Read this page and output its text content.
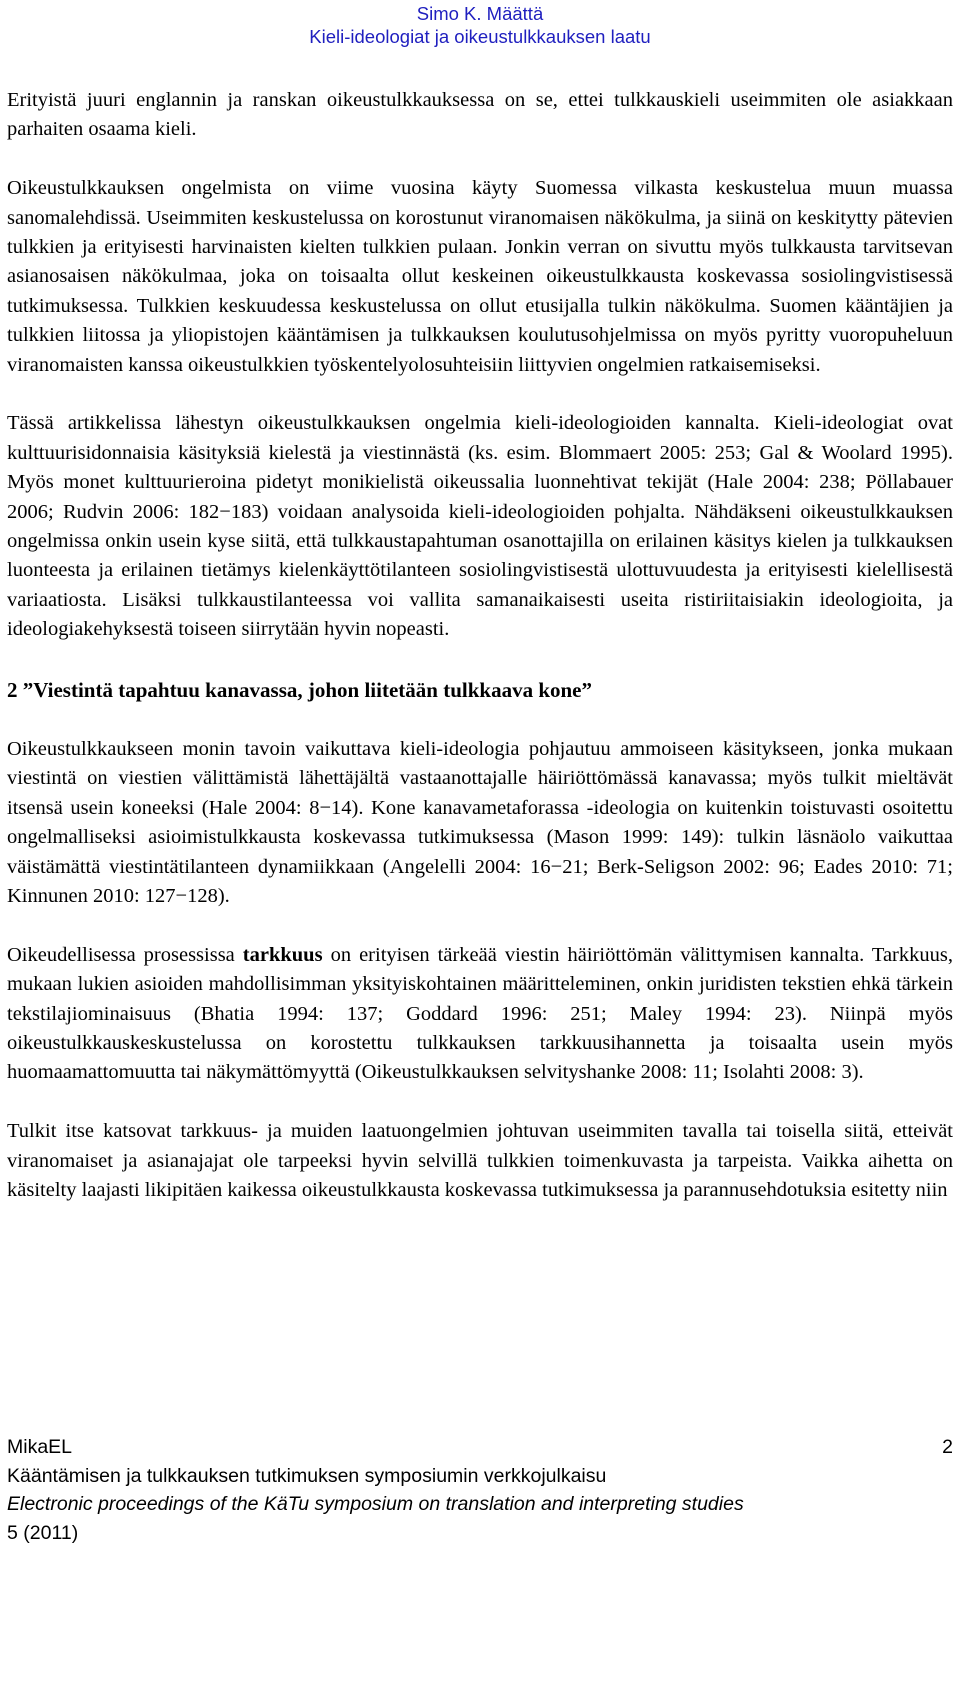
Simo K. Määttä
Kieli-ideologiat ja oikeustulkkauksen laatu

Erityistä juuri englannin ja ranskan oikeustulkkauksessa on se, ettei tulkkauskieli useimmiten ole asiakkaan parhaiten osaama kieli.

Oikeustulkkauksen ongelmista on viime vuosina käyty Suomessa vilkasta keskustelua muun muassa sanomalehdissä. Useimmiten keskustelussa on korostunut viranomaisen näkökulma, ja siinä on keskitytty pätevien tulkkien ja erityisesti harvinaisten kielten tulkkien pulaan. Jonkin verran on sivuttu myös tulkkausta tarvitsevan asianosaisen näkökulmaa, joka on toisaalta ollut keskeinen oikeustulkkausta koskevassa sosiolingvistisessä tutkimuksessa. Tulkkien keskuudessa keskustelussa on ollut etusijalla tulkin näkökulma. Suomen kääntäjien ja tulkkien liitossa ja yliopistojen kääntämisen ja tulkkauksen koulutusohjelmissa on myös pyritty vuoropuheluun viranomaisten kanssa oikeustulkkien työskentelyolosuhteisiin liittyvien ongelmien ratkaisemiseksi.

Tässä artikkelissa lähestyn oikeustulkkauksen ongelmia kieli-ideologioiden kannalta. Kieli-ideologiat ovat kulttuurisidonnaisia käsityksiä kielestä ja viestinnästä (ks. esim. Blommaert 2005: 253; Gal & Woolard 1995). Myös monet kulttuurieroina pidetyt monikielistä oikeussalia luonnehtivat tekijät (Hale 2004: 238; Pöllabauer 2006; Rudvin 2006: 182−183) voidaan analysoida kieli-ideologioiden pohjalta. Nähdäkseni oikeustulkkauksen ongelmissa onkin usein kyse siitä, että tulkkaustapahtuman osanottajilla on erilainen käsitys kielen ja tulkkauksen luonteesta ja erilainen tietämys kielenkäyttötilanteen sosiolingvistisestä ulottuvuudesta ja erityisesti kielellisestä variaatiosta. Lisäksi tulkkaustilanteessa voi vallita samanaikaisesti useita ristiriitaisiakin ideologioita, ja ideologiakehyksestä toiseen siirrytään hyvin nopeasti.

2 ”Viestintä tapahtuu kanavassa, johon liitetään tulkkaava kone”

Oikeustulkkaukseen monin tavoin vaikuttava kieli-ideologia pohjautuu ammoiseen käsitykseen, jonka mukaan viestintä on viestien välittämistä lähettäjältä vastaanottajalle häiriöttömässä kanavassa; myös tulkit mieltävät itsensä usein koneeksi (Hale 2004: 8−14). Kone kanavametaforassa -ideologia on kuitenkin toistuvasti osoitettu ongelmalliseksi asioimistulkkausta koskevassa tutkimuksessa (Mason 1999: 149): tulkin läsnäolo vaikuttaa väistämättä viestintätilanteen dynamiikkaan (Angelelli 2004: 16−21; Berk-Seligson 2002: 96; Eades 2010: 71; Kinnunen 2010: 127−128).

Oikeudellisessa prosessissa tarkkuus on erityisen tärkeää viestin häiriöttömän välittymisen kannalta. Tarkkuus, mukaan lukien asioiden mahdollisimman yksityiskohtainen määritteleminen, onkin juridisten tekstien ehkä tärkein tekstilajiominaisuus (Bhatia 1994: 137; Goddard 1996: 251; Maley 1994: 23). Niinpä myös oikeustulkkauskeskustelussa on korostettu tulkkauksen tarkkuusihannetta ja toisaalta usein myös huomaamattomuutta tai näkymättömyyttä (Oikeustulkkauksen selvityshanke 2008: 11; Isolahti 2008: 3).

Tulkit itse katsovat tarkkuus- ja muiden laatuongelmien johtuvan useimmiten tavalla tai toisella siitä, etteivät viranomaiset ja asianajajat ole tarpeeksi hyvin selvillä tulkkien toimenkuvasta ja tarpeista. Vaikka aihetta on käsitelty laajasti likipitäen kaikessa oikeustulkkausta koskevassa tutkimuksessa ja parannusehdotuksia esitetty niin

MikaEL	2
Kääntämisen ja tulkkauksen tutkimuksen symposiumin verkkojulkaisu
Electronic proceedings of the KäTu symposium on translation and interpreting studies
5 (2011)
